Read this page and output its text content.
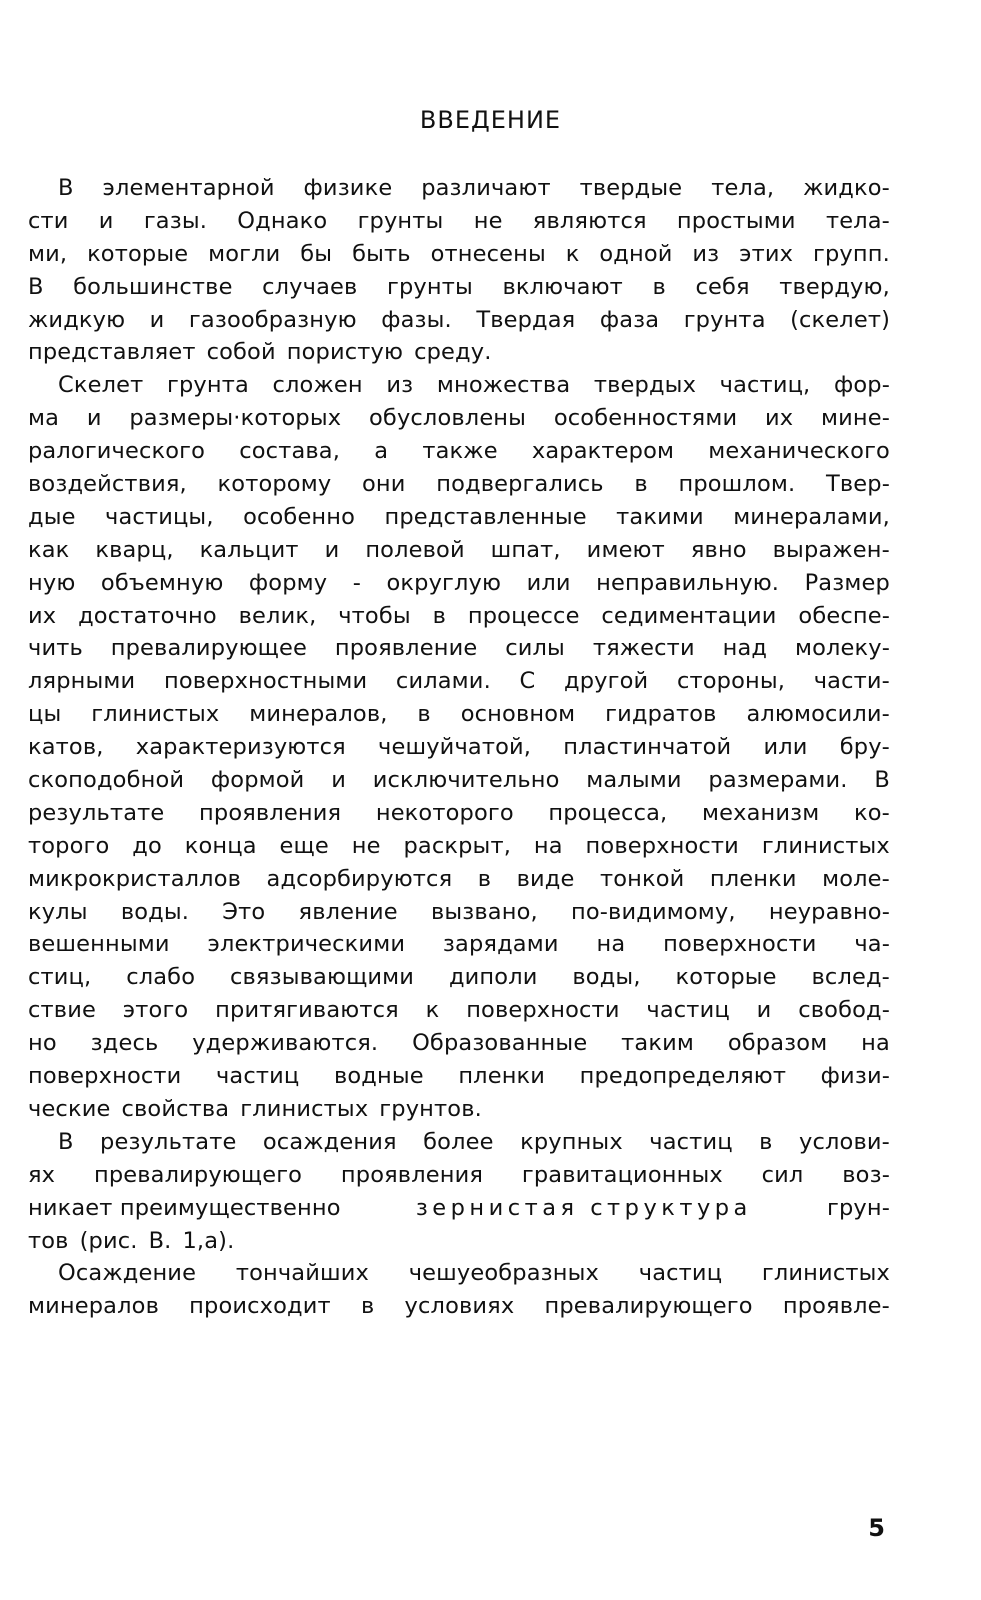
ВВЕДЕНИЕ
В элементарной физике различают твердые тела, жидко-
сти и газы. Однако грунты не являются простыми тела-
ми, которые могли бы быть отнесены к одной из этих групп.
В большинстве случаев грунты включают в себя твердую,
жидкую и газообразную фазы. Твердая фаза грунта (скелет)
представляет собой пористую среду.
Скелет грунта сложен из множества твердых частиц, фор-
ма и размеры·которых обусловлены особенностями их мине-
ралогического состава, а также характером механического
воздействия, которому они подвергались в прошлом. Твер-
дые частицы, особенно представленные такими минералами,
как кварц, кальцит и полевой шпат, имеют явно выражен-
ную объемную форму - округлую или неправильную. Размер
их достаточно велик, чтобы в процессе седиментации обеспе-
чить превалирующее проявление силы тяжести над молеку-
лярными поверхностными силами. С другой стороны, части-
цы глинистых минералов, в основном гидратов алюмосили-
катов, характеризуются чешуйчатой, пластинчатой или бру-
скоподобной формой и исключительно малыми размерами. В
результате проявления некоторого процесса, механизм ко-
торого до конца еще не раскрыт, на поверхности глинистых
микрокристаллов адсорбируются в виде тонкой пленки моле-
кулы воды. Это явление вызвано, по-видимому, неуравно-
вешенными электрическими зарядами на поверхности ча-
стиц, слабо связывающими диполи воды, которые вслед-
ствие этого притягиваются к поверхности частиц и свобод-
но здесь удерживаются. Образованные таким образом на
поверхности частиц водные пленки предопределяют физи-
ческие свойства глинистых грунтов.
В результате осаждения более крупных частиц в услови-
ях превалирующего проявления гравитационных сил воз-
никает преимущественно	зернистая структура	грун-
тов (рис. В. 1,а).
Осаждение тончайших чешуеобразных частиц глинистых
минералов происходит в условиях превалирующего проявле-
5
